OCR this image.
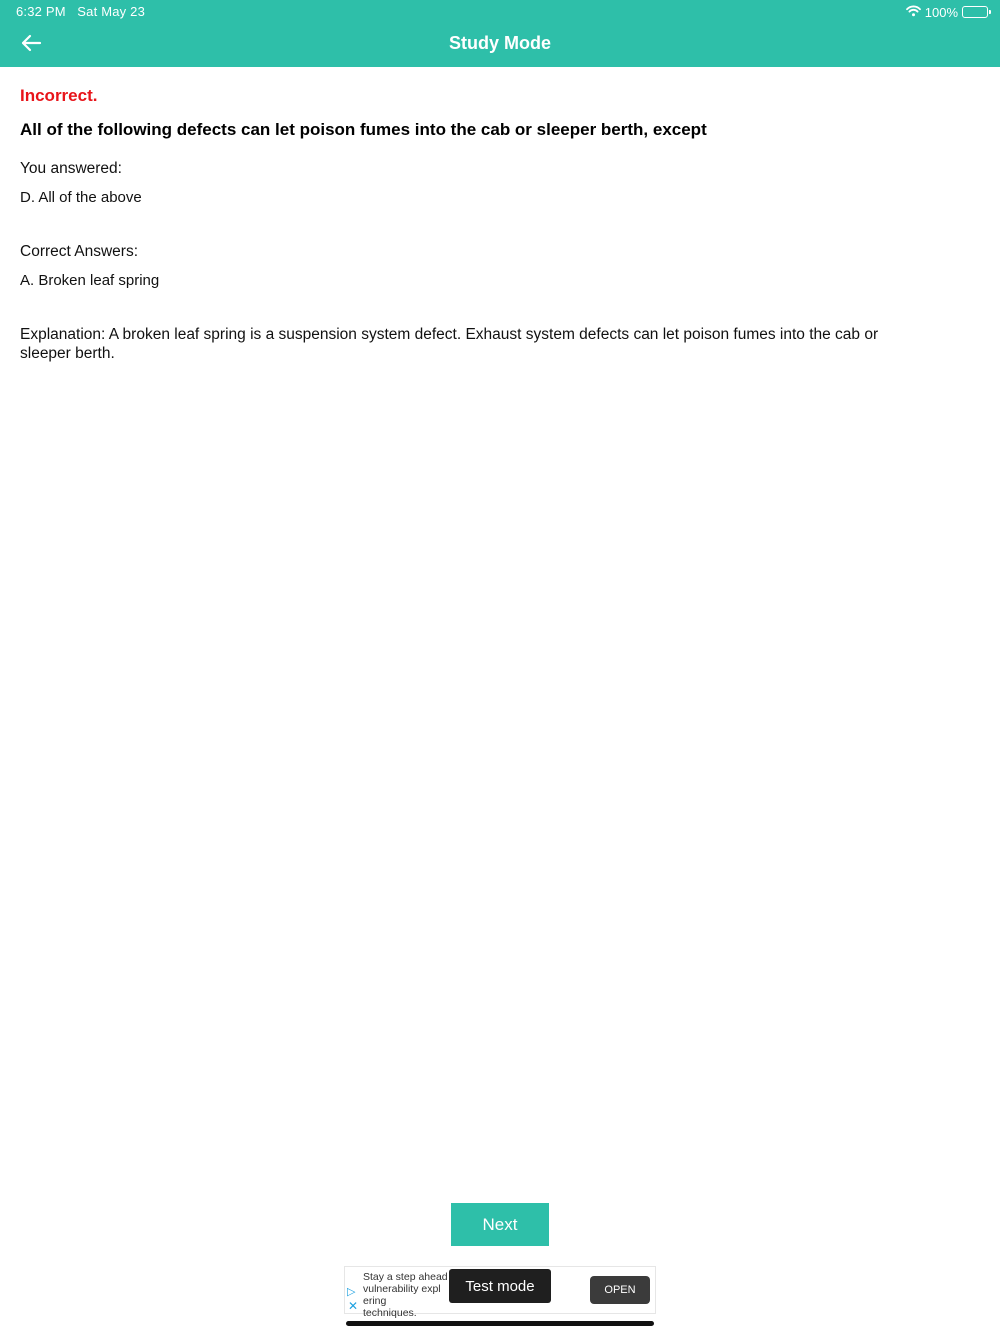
6:32 PM Sat May 23	100%
Study Mode
Incorrect.
All of the following defects can let poison fumes into the cab or sleeper berth, except
You answered:
D. All of the above
Correct Answers:
A. Broken leaf spring
Explanation: A broken leaf spring is a suspension system defect. Exhaust system defects can let poison fumes into the cab or
sleeper berth.
Next
▷
✕
Stay a step ahead
vulnerability explering
techniques.
OPEN
Test mode
